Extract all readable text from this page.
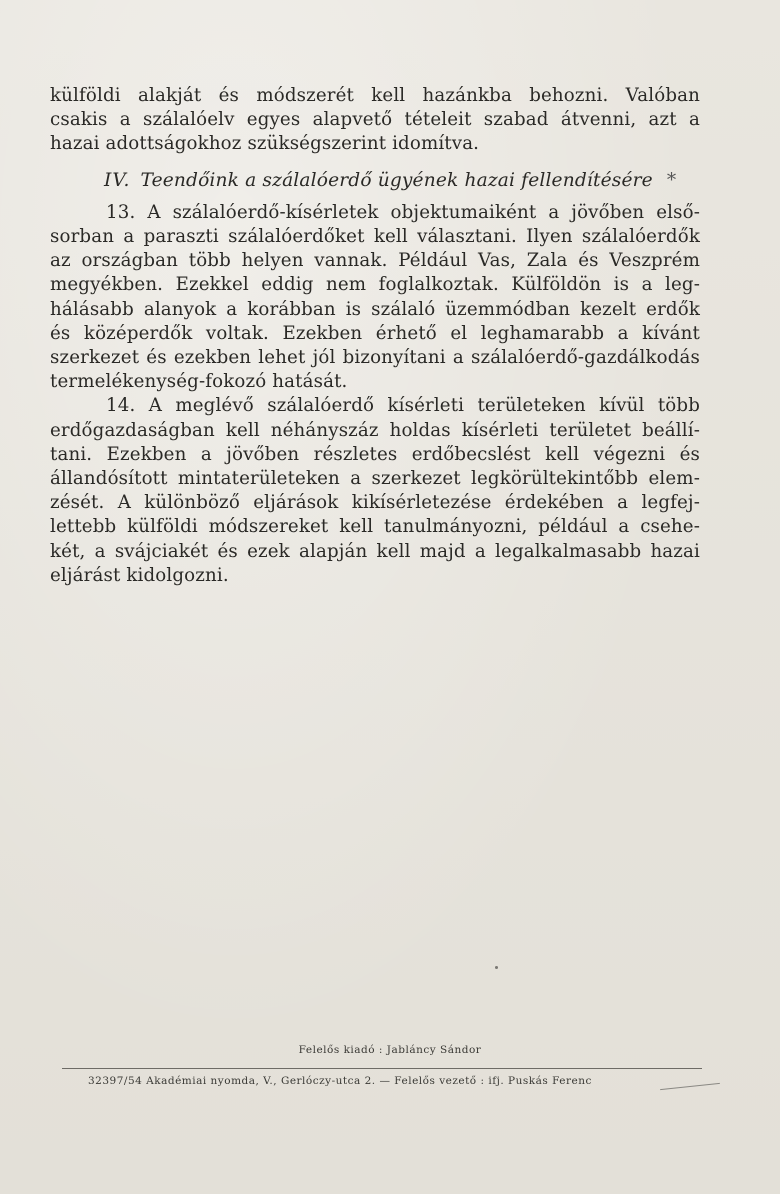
külföldi alakját és módszerét kell hazánkba behozni. Valóban
csakis a szálalóelv egyes alapvető tételeit szabad átvenni, azt a
hazai adottságokhoz szükségszerint idomítva.
IV. Teendőink a szálalóerdő ügyének hazai fellendítésére *
13. A szálalóerdő-kísérletek objektumaiként a jövőben első-
sorban a paraszti szálalóerdőket kell választani. Ilyen szálalóerdők
az országban több helyen vannak. Például Vas, Zala és Veszprém
megyékben. Ezekkel eddig nem foglalkoztak. Külföldön is a leg-
hálásabb alanyok a korábban is szálaló üzemmódban kezelt erdők
és középerdők voltak. Ezekben érhető el leghamarabb a kívánt
szerkezet és ezekben lehet jól bizonyítani a szálalóerdő-gazdálkodás
termelékenység-fokozó hatását.
14. A meglévő szálalóerdő kísérleti területeken kívül több
erdőgazdaságban kell néhányszáz holdas kísérleti területet beállí-
tani. Ezekben a jövőben részletes erdőbecslést kell végezni és
állandósított mintaterületeken a szerkezet legkörültekintőbb elem-
zését. A különböző eljárások kikísérletezése érdekében a legfej-
lettebb külföldi módszereket kell tanulmányozni, például a csehe-
két, a svájciakét és ezek alapján kell majd a legalkalmasabb hazai
eljárást kidolgozni.
Felelős kiadó : Jabláncy Sándor
32397/54 Akadémiai nyomda, V., Gerlóczy-utca 2. — Felelős vezető : ifj. Puskás Ferenc
